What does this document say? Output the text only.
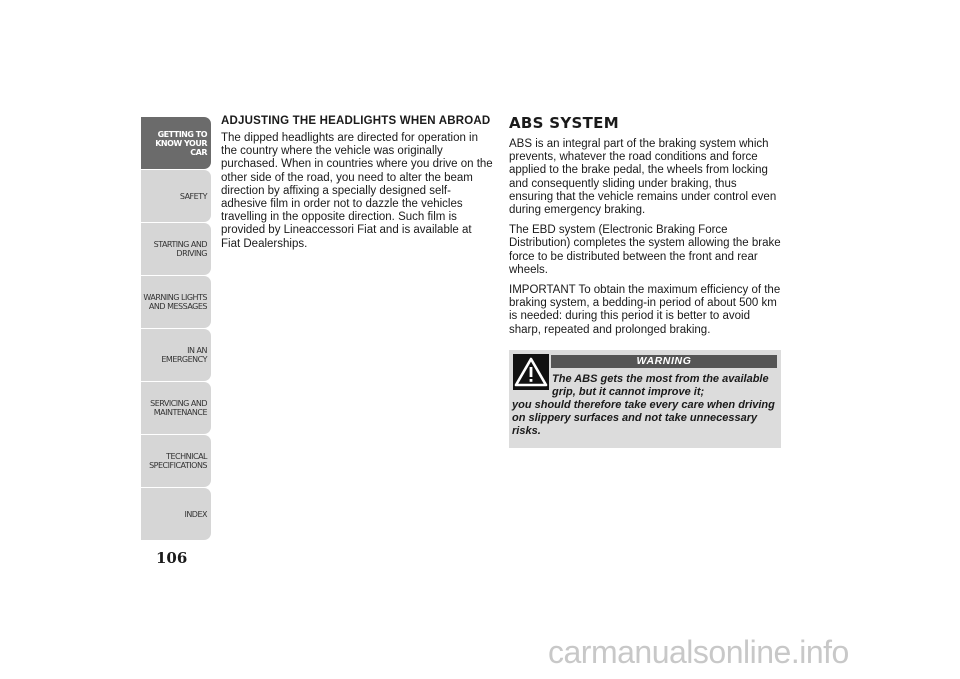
GETTING TO
KNOW YOUR CAR
SAFETY
STARTING AND
DRIVING
WARNING LIGHTS
AND MESSAGES
IN AN EMERGENCY
SERVICING AND
MAINTENANCE
TECHNICAL
SPECIFICATIONS
INDEX
106
ADJUSTING THE HEADLIGHTS WHEN ABROAD

The dipped headlights are directed for operation in the country where the vehicle was originally purchased. When in countries where you drive on the other side of the road, you need to alter the beam direction by affixing a specially designed self-adhesive film in order not to dazzle the vehicles travelling in the opposite direction. Such film is provided by Lineaccessori Fiat and is available at Fiat Dealerships.

ABS SYSTEM

ABS is an integral part of the braking system which prevents, whatever the road conditions and force applied to the brake pedal, the wheels from locking and consequently sliding under braking, thus ensuring that the vehicle remains under control even during emergency braking.

The EBD system (Electronic Braking Force Distribution) completes the system allowing the brake force to be distributed between the front and rear wheels.

IMPORTANT To obtain the maximum efficiency of the braking system, a bedding-in period of about 500 km is needed: during this period it is better to avoid sharp, repeated and prolonged braking.

WARNING
The ABS gets the most from the available grip, but it cannot improve it;
you should therefore take every care when driving on slippery surfaces and not take unnecessary risks.
carmanualsonline.info
